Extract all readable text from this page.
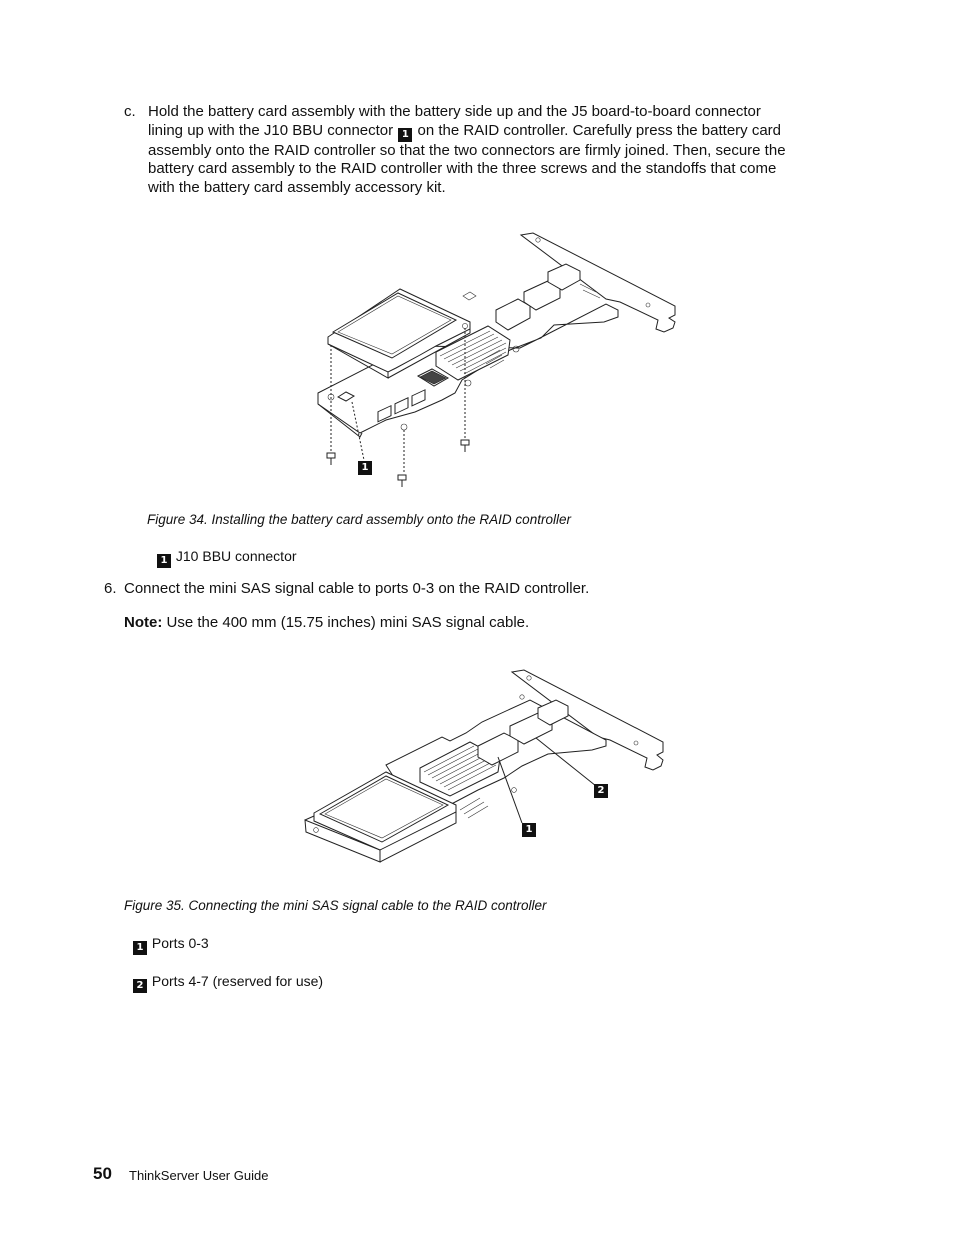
c. Hold the battery card assembly with the battery side up and the J5 board-to-board connector
lining up with the J10 BBU connector 1 on the RAID controller. Carefully press the battery card
assembly onto the RAID controller so that the two connectors are firmly joined. Then, secure the
battery card assembly to the RAID controller with the three screws and the standoffs that come
with the battery card assembly accessory kit.
1
Figure 34. Installing the battery card assembly onto the RAID controller
1 J10 BBU connector
6. Connect the mini SAS signal cable to ports 0-3 on the RAID controller.
Note: Use the 400 mm (15.75 inches) mini SAS signal cable.
2
1
Figure 35. Connecting the mini SAS signal cable to the RAID controller
1 Ports 0-3
2 Ports 4-7 (reserved for use)
50 ThinkServer User Guide
